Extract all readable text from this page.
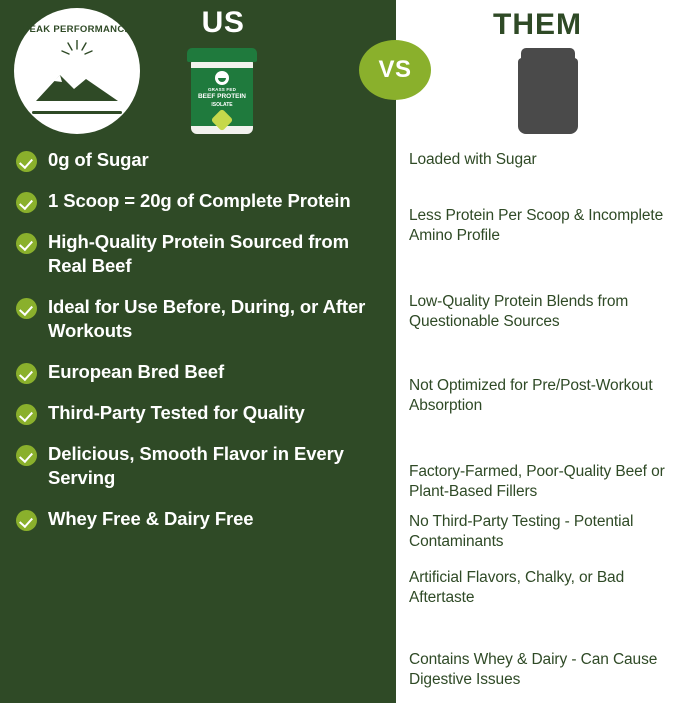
PEAK PERFORMANCE	US
GRASS FED
BEEF PROTEIN
ISOLATE
VS
THEM
0g of Sugar
1 Scoop = 20g of Complete Protein
High-Quality Protein Sourced from Real Beef
Ideal for Use Before, During, or After Workouts
European Bred Beef
Third-Party Tested for Quality
Delicious, Smooth Flavor in Every Serving
Whey Free & Dairy Free
Loaded with Sugar
Less Protein Per Scoop & Incomplete Amino Profile
Low-Quality Protein Blends from Questionable Sources
Not Optimized for Pre/Post-Workout Absorption
Factory-Farmed, Poor-Quality Beef or Plant-Based Fillers
No Third-Party Testing - Potential Contaminants
Artificial Flavors, Chalky, or Bad Aftertaste
Contains Whey & Dairy - Can Cause Digestive Issues
